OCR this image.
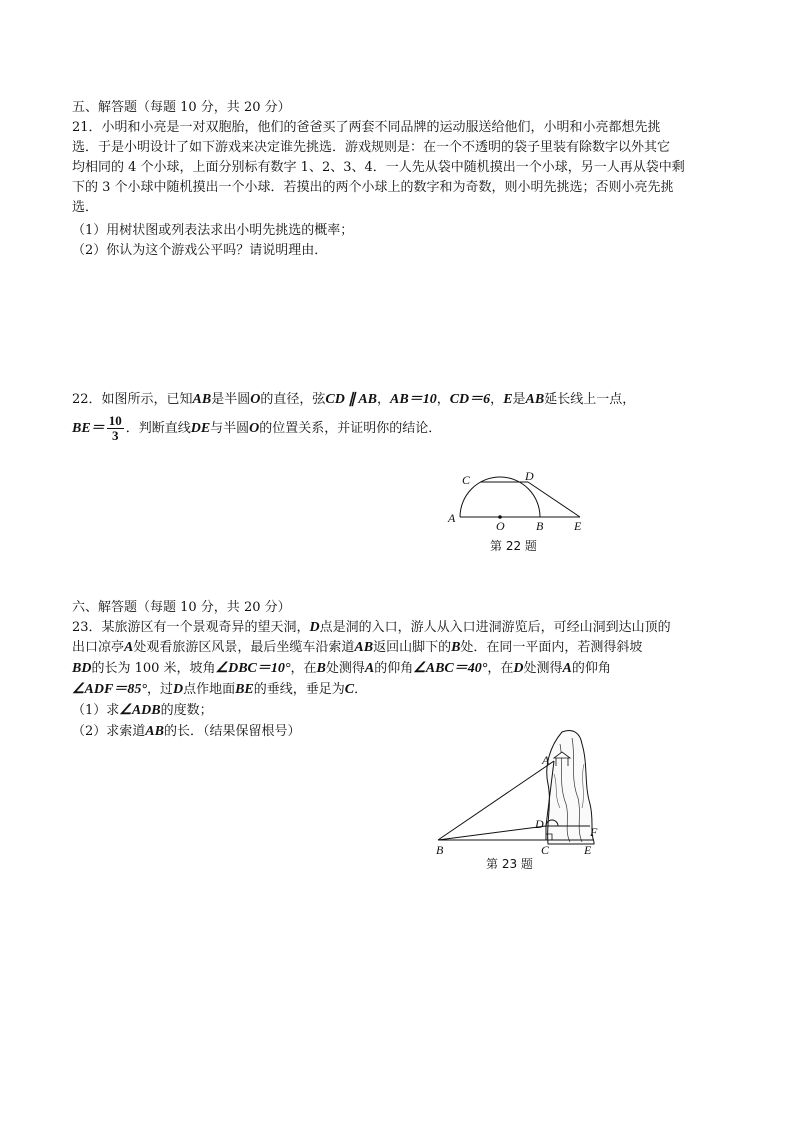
五、解答题（每题 10 分，共 20 分）
21．小明和小亮是一对双胞胎，他们的爸爸买了两套不同品牌的运动服送给他们，小明和小亮都想先挑
选．于是小明设计了如下游戏来决定谁先挑选．游戏规则是：在一个不透明的袋子里装有除数字以外其它
均相同的 4 个小球，上面分别标有数字 1、2、3、4．一人先从袋中随机摸出一个小球，另一人再从袋中剩
下的 3 个小球中随机摸出一个小球．若摸出的两个小球上的数字和为奇数，则小明先挑选；否则小亮先挑
选．
（1）用树状图或列表法求出小明先挑选的概率；
（2）你认为这个游戏公平吗？请说明理由．
22．如图所示，已知AB是半圆O的直径，弦CD ∥ AB，AB＝10，CD＝6，E是AB延长线上一点，
$BE= \frac{10}{3}$ ．判断直线DE与半圆O的位置关系，并证明你的结论．
A
C	D
O	B	E
第 22 题
六、解答题（每题 10 分，共 20 分）
23．某旅游区有一个景观奇异的望天洞，D点是洞的入口，游人从入口进洞游览后，可经山洞到达山顶的
出口凉亭A处观看旅游区风景，最后坐缆车沿索道AB返回山脚下的B处．在同一平面内，若测得斜坡
BD的长为 100 米，坡角∠DBC＝10°，在B处测得A的仰角∠ABC＝40°，在D处测得A的仰角
∠ADF＝85°，过D点作地面BE的垂线，垂足为C．
（1）求∠ADB的度数；
（2）求索道AB的长．（结果保留根号）
A
D
F
B	C	E
第 23 题
